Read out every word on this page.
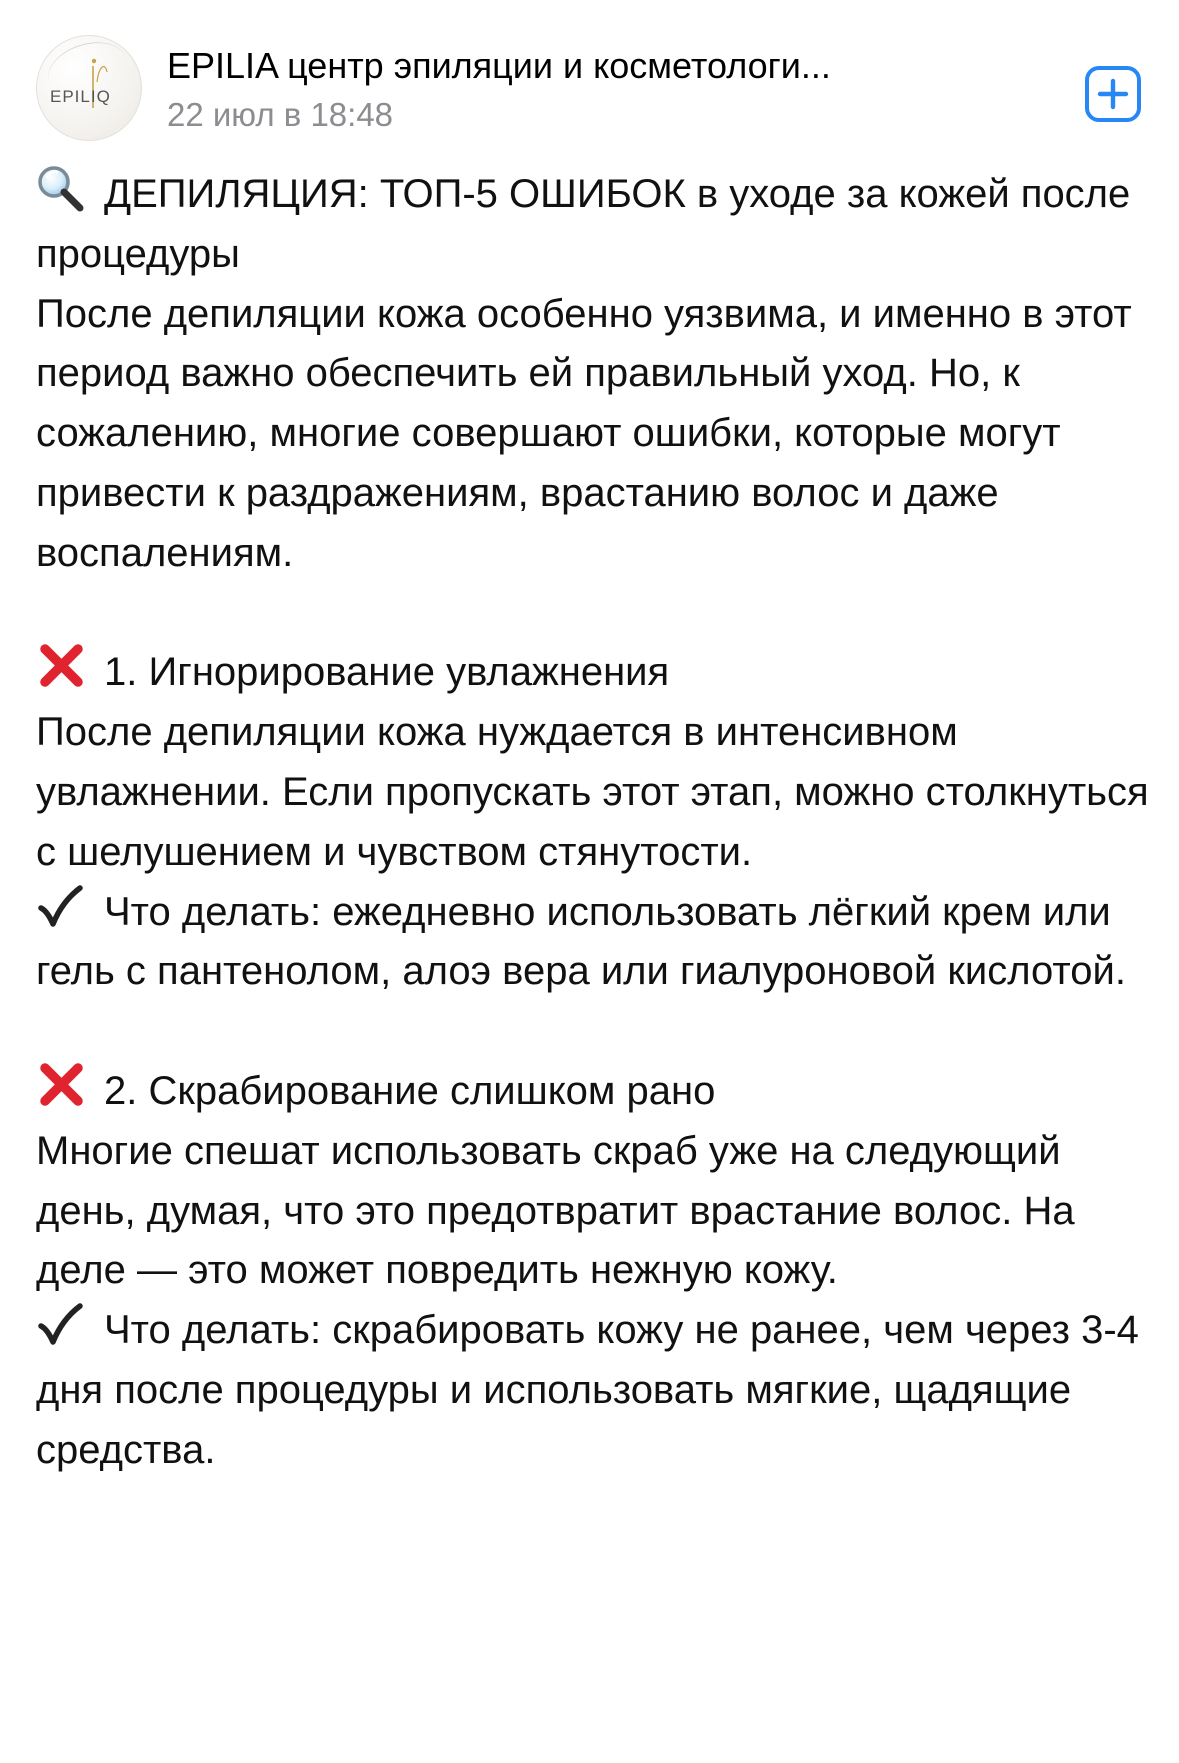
EPILIQ
EPILIA центр эпиляции и косметологи...
22 июл в 18:48

ДЕПИЛЯЦИЯ: ТОП-5 ОШИБОК в уходе за кожей после процедуры

После депиляции кожа особенно уязвима, и именно в этот период важно обеспечить ей правильный уход. Но, к сожалению, многие совершают ошибки, которые могут привести к раздражениям, врастанию волос и даже воспалениям.

1. Игнорирование увлажнения

После депиляции кожа нуждается в интенсивном увлажнении. Если пропускать этот этап, можно столкнуться с шелушением и чувством стянутости.

Что делать: ежедневно использовать лёгкий крем или гель с пантенолом, алоэ вера или гиалуроновой кислотой.

2. Скрабирование слишком рано

Многие спешат использовать скраб уже на следующий день, думая, что это предотвратит врастание волос. На деле — это может повредить нежную кожу.

Что делать: скрабировать кожу не ранее, чем через 3-4 дня после процедуры и использовать мягкие, щадящие средства.
